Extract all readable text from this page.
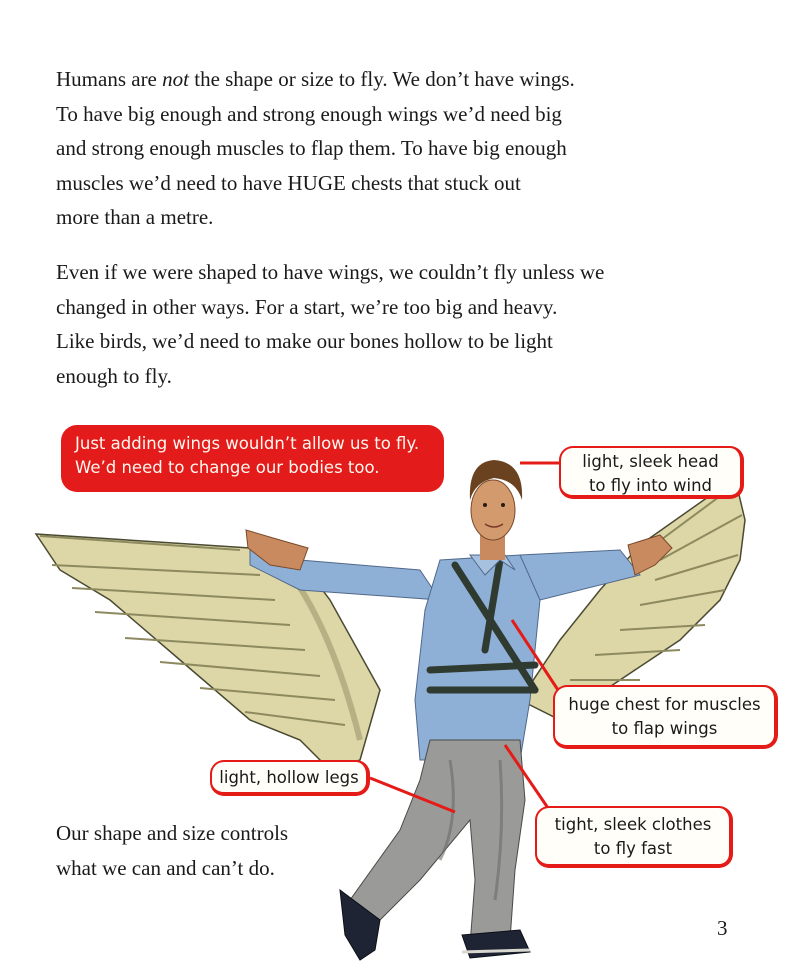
Humans are not the shape or size to fly. We don’t have wings.
To have big enough and strong enough wings we’d need big
and strong enough muscles to flap them. To have big enough
muscles we’d need to have HUGE chests that stuck out
more than a metre.
Even if we were shaped to have wings, we couldn’t fly unless we
changed in other ways. For a start, we’re too big and heavy.
Like birds, we’d need to make our bones hollow to be light
enough to fly.
Just adding wings wouldn’t allow us to fly.
We’d need to change our bodies too.	light, sleek head
to fly into wind
huge chest for muscles
to flap wings
light, hollow legs
tight, sleek clothes
to fly fast
Our shape and size controls
what we can and can’t do.
3
